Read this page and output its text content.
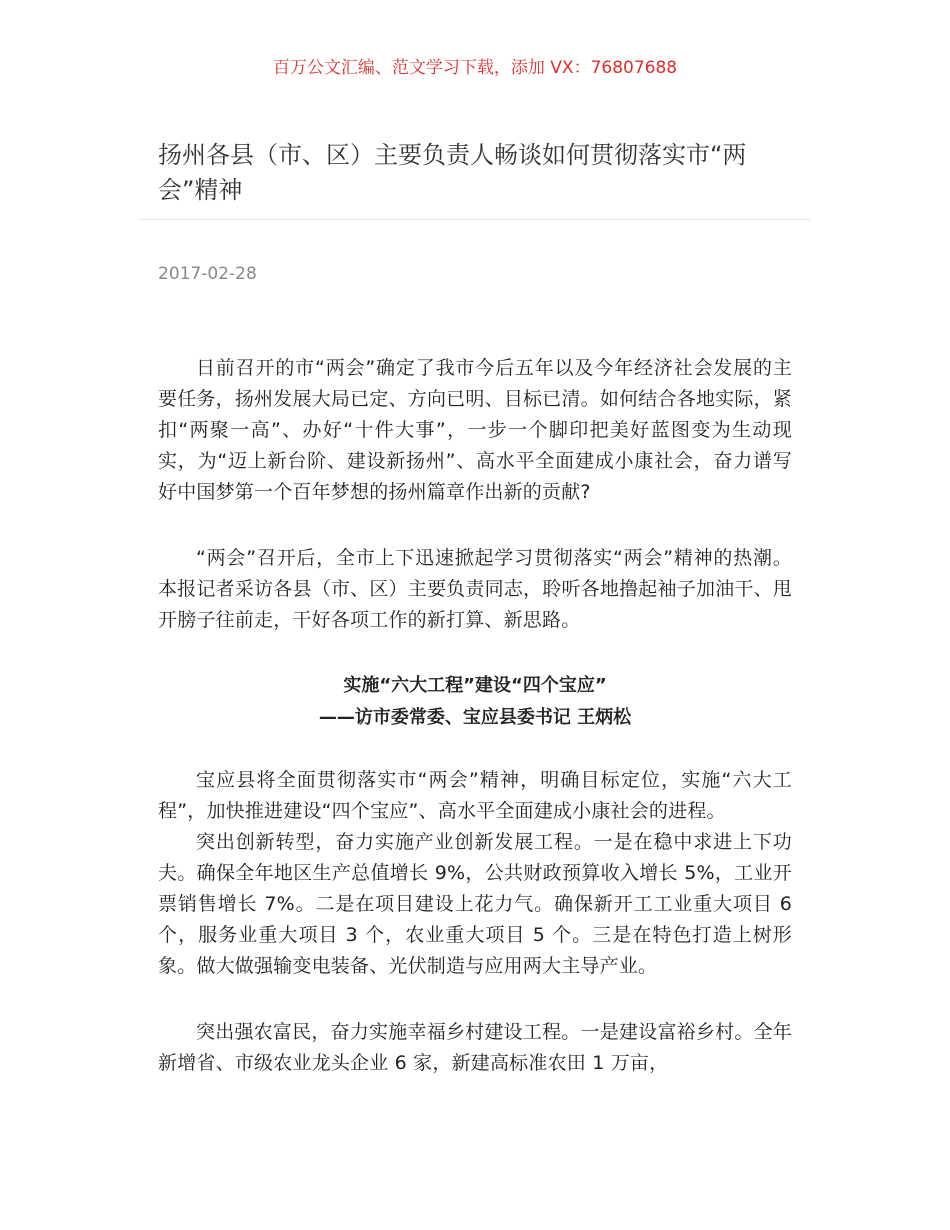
百万公文汇编、范文学习下载，添加 VX：76807688
扬州各县（市、区）主要负责人畅谈如何贯彻落实市“两会”精神
2017-02-28

日前召开的市“两会”确定了我市今后五年以及今年经济社会发展的主要任务，扬州发展大局已定、方向已明、目标已清。如何结合各地实际，紧扣“两聚一高”、办好“十件大事”，一步一个脚印把美好蓝图变为生动现实，为“迈上新台阶、建设新扬州”、高水平全面建成小康社会，奋力谱写好中国梦第一个百年梦想的扬州篇章作出新的贡献?

“两会”召开后，全市上下迅速掀起学习贯彻落实“两会”精神的热潮。本报记者采访各县（市、区）主要负责同志，聆听各地撸起袖子加油干、甩开膀子往前走，干好各项工作的新打算、新思路。

实施“六大工程”建设“四个宝应”

——访市委常委、宝应县委书记 王炳松

宝应县将全面贯彻落实市“两会”精神，明确目标定位，实施“六大工程”，加快推进建设“四个宝应”、高水平全面建成小康社会的进程。

突出创新转型，奋力实施产业创新发展工程。一是在稳中求进上下功夫。确保全年地区生产总值增长 9%，公共财政预算收入增长 5%，工业开票销售增长 7%。二是在项目建设上花力气。确保新开工工业重大项目 6 个，服务业重大项目 3 个，农业重大项目 5 个。三是在特色打造上树形象。做大做强输变电装备、光伏制造与应用两大主导产业。

突出强农富民，奋力实施幸福乡村建设工程。一是建设富裕乡村。全年新增省、市级农业龙头企业 6 家，新建高标准农田 1 万亩，
